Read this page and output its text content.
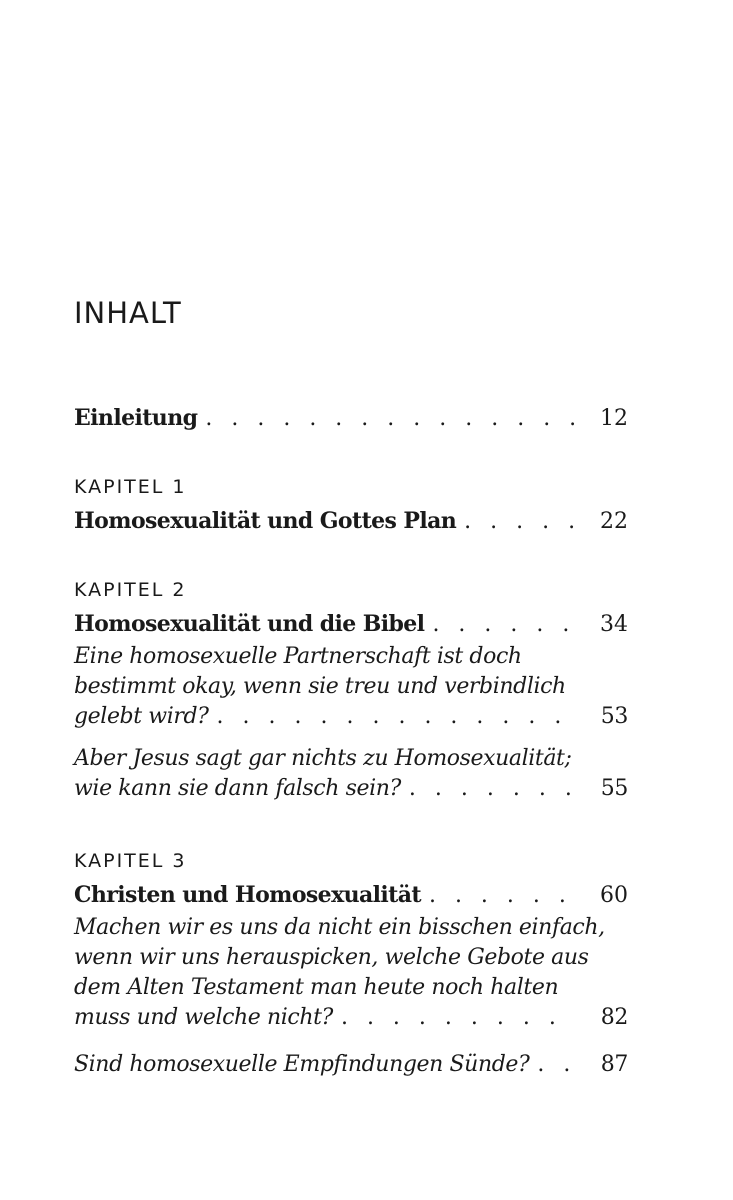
INHALT
Einleitung . . .	12
KAPITEL 1
Homosexualität und Gottes Plan . . .	22
KAPITEL 2
Homosexualität und die Bibel . . .	34
Eine homosexuelle Partnerschaft ist doch
bestimmt okay, wenn sie treu und verbindlich
gelebt wird? . . .	53
Aber Jesus sagt gar nichts zu Homosexualität;
wie kann sie dann falsch sein? . . .	55
KAPITEL 3
Christen und Homosexualität . . .	60
Machen wir es uns da nicht ein bisschen einfach,
wenn wir uns herauspicken, welche Gebote aus
dem Alten Testament man heute noch halten
muss und welche nicht? . . .	82
Sind homosexuelle Empfindungen Sünde? . . .	87
